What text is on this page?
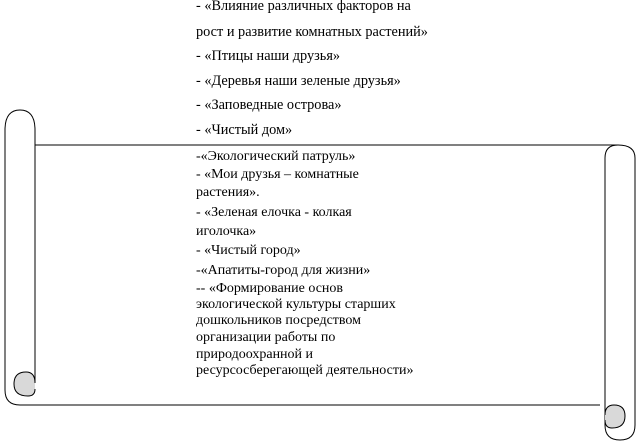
- «Влияние различных факторов на
рост и развитие комнатных растений»
- «Птицы наши друзья»
- «Деревья наши зеленые друзья»
- «Заповедные острова»
- «Чистый дом»
-«Экологический патруль»
- «Мои друзья – комнатные
растения».
- «Зеленая елочка - колкая
иголочка»
- «Чистый город»
-«Апатиты-город для жизни»
-- «Формирование основ
экологической культуры старших
дошкольников посредством
организации работы по
природоохранной и
ресурсосберегающей деятельности»
